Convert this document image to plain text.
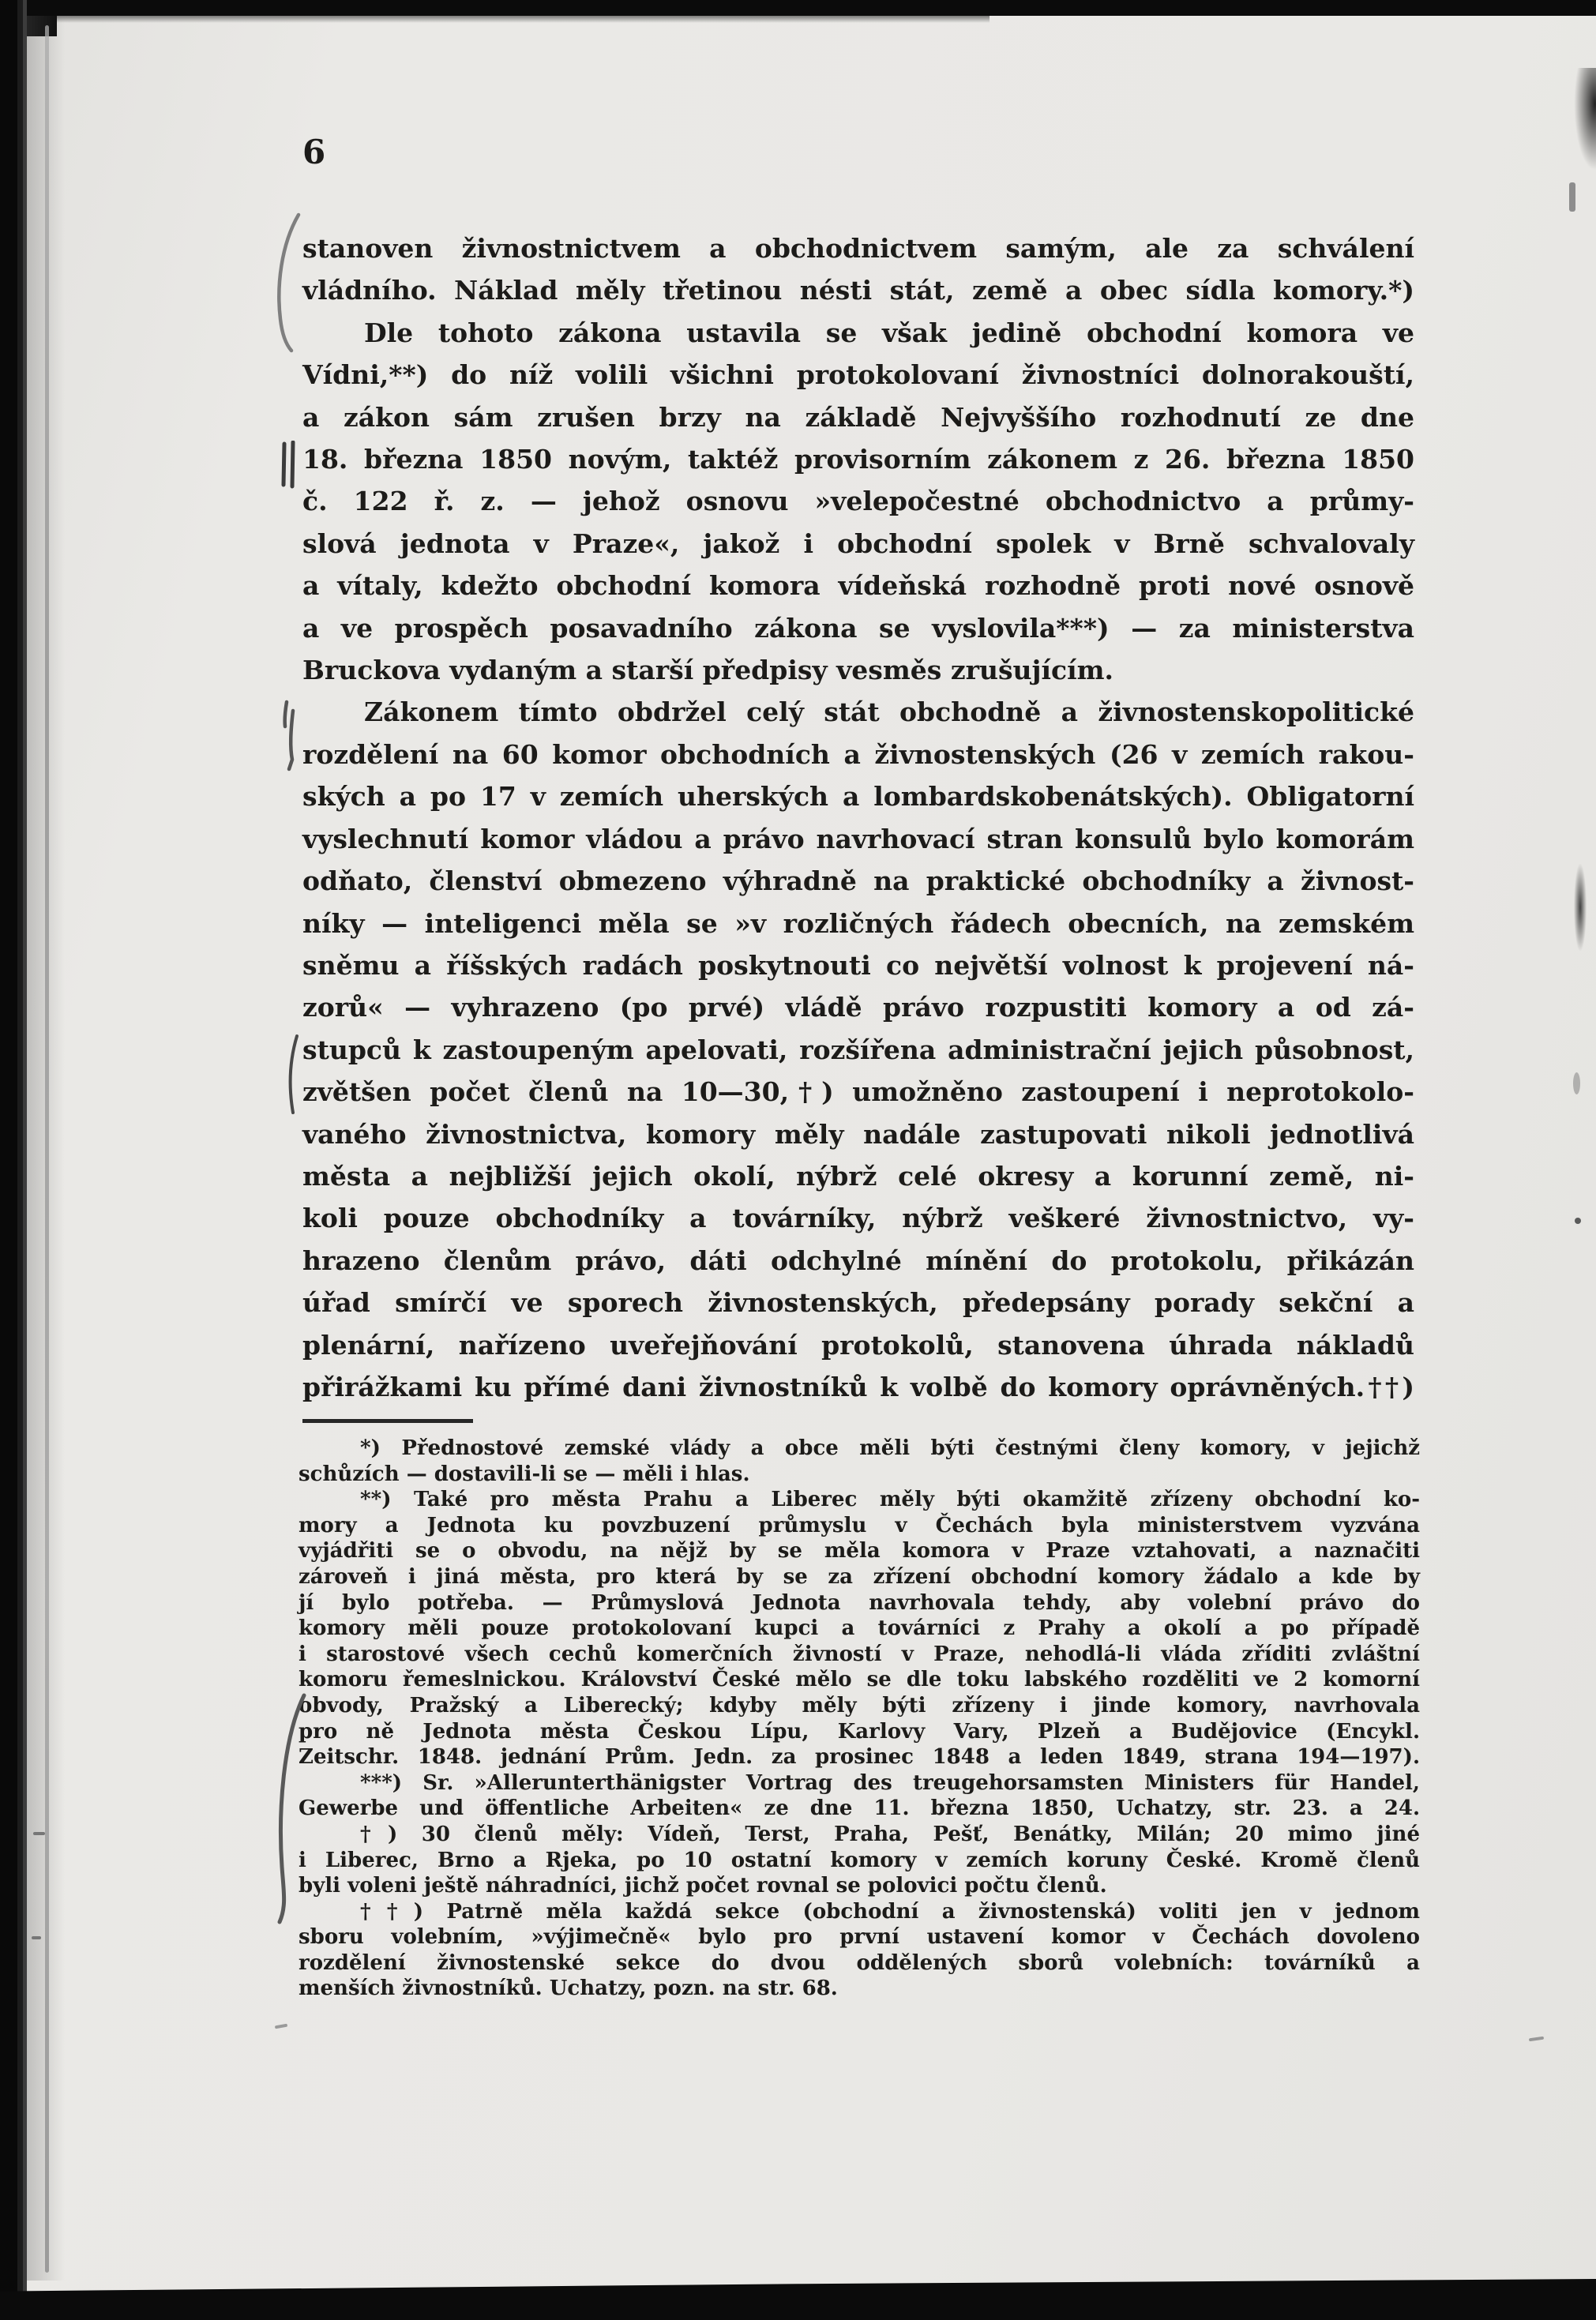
6
stanoven živnostnictvem a obchodnictvem samým, ale za schválení
vládního. Náklad měly třetinou nésti stát, země a obec sídla komory.*)
Dle tohoto zákona ustavila se však jedině obchodní komora ve
Vídni,**) do níž volili všichni protokolovaní živnostníci dolnorakouští,
a zákon sám zrušen brzy na základě Nejvyššího rozhodnutí ze dne
18. března 1850 novým, taktéž provisorním zákonem z 26. března 1850
č. 122 ř. z. — jehož osnovu »velepočestné obchodnictvo a průmy-
slová jednota v Praze«, jakož i obchodní spolek v Brně schvalovaly
a vítaly, kdežto obchodní komora vídeňská rozhodně proti nové osnově
a ve prospěch posavadního zákona se vyslovila***) — za ministerstva
Bruckova vydaným a starší předpisy vesměs zrušujícím.
Zákonem tímto obdržel celý stát obchodně a živnostenskopolitické
rozdělení na 60 komor obchodních a živnostenských (26 v zemích rakou-
ských a po 17 v zemích uherských a lombardskobenátských). Obligatorní
vyslechnutí komor vládou a právo navrhovací stran konsulů bylo komorám
odňato, členství obmezeno výhradně na praktické obchodníky a živnost-
níky — inteligenci měla se »v rozličných řádech obecních, na zemském
sněmu a říšských radách poskytnouti co největší volnost k projevení ná-
zorů« — vyhrazeno (po prvé) vládě právo rozpustiti komory a od zá-
stupců k zastoupeným apelovati, rozšířena administrační jejich působnost,
zvětšen počet členů na 10—30,†) umožněno zastoupení i neprotokolo-
vaného živnostnictva, komory měly nadále zastupovati nikoli jednotlivá
města a nejbližší jejich okolí, nýbrž celé okresy a korunní země, ni-
koli pouze obchodníky a továrníky, nýbrž veškeré živnostnictvo, vy-
hrazeno členům právo, dáti odchylné mínění do protokolu, přikázán
úřad smírčí ve sporech živnostenských, předepsány porady sekční a
plenární, nařízeno uveřejňování protokolů, stanovena úhrada nákladů
přirážkami ku přímé dani živnostníků k volbě do komory oprávněných.††)
*) Přednostové zemské vlády a obce měli býti čestnými členy komory, v jejichž
schůzích — dostavili-li se — měli i hlas.
**) Také pro města Prahu a Liberec měly býti okamžitě zřízeny obchodní ko-
mory a Jednota ku povzbuzení průmyslu v Čechách byla ministerstvem vyzvána
vyjádřiti se o obvodu, na nějž by se měla komora v Praze vztahovati, a naznačiti
zároveň i jiná města, pro která by se za zřízení obchodní komory žádalo a kde by
jí bylo potřeba. — Průmyslová Jednota navrhovala tehdy, aby volební právo do
komory měli pouze protokolovaní kupci a továrníci z Prahy a okolí a po případě
i starostové všech cechů komerčních živností v Praze, nehodlá-li vláda zříditi zvláštní
komoru řemeslnickou. Království České mělo se dle toku labského rozděliti ve 2 komorní
obvody, Pražský a Liberecký; kdyby měly býti zřízeny i jinde komory, navrhovala
pro ně Jednota města Českou Lípu, Karlovy Vary, Plzeň a Budějovice (Encykl.
Zeitschr. 1848. jednání Prům. Jedn. za prosinec 1848 a leden 1849, strana 194—197).
***) Sr. »Allerunterthänigster Vortrag des treugehorsamsten Ministers für Handel,
Gewerbe und öffentliche Arbeiten« ze dne 11. března 1850, Uchatzy, str. 23. a 24.
†) 30 členů měly: Vídeň, Terst, Praha, Pešť, Benátky, Milán; 20 mimo jiné
i Liberec, Brno a Rjeka, po 10 ostatní komory v zemích koruny České. Kromě členů
byli voleni ještě náhradníci, jichž počet rovnal se polovici počtu členů.
††) Patrně měla každá sekce (obchodní a živnostenská) voliti jen v jednom
sboru volebním, »výjimečně« bylo pro první ustavení komor v Čechách dovoleno
rozdělení živnostenské sekce do dvou oddělených sborů volebních: továrníků a
menších živnostníků. Uchatzy, pozn. na str. 68.
